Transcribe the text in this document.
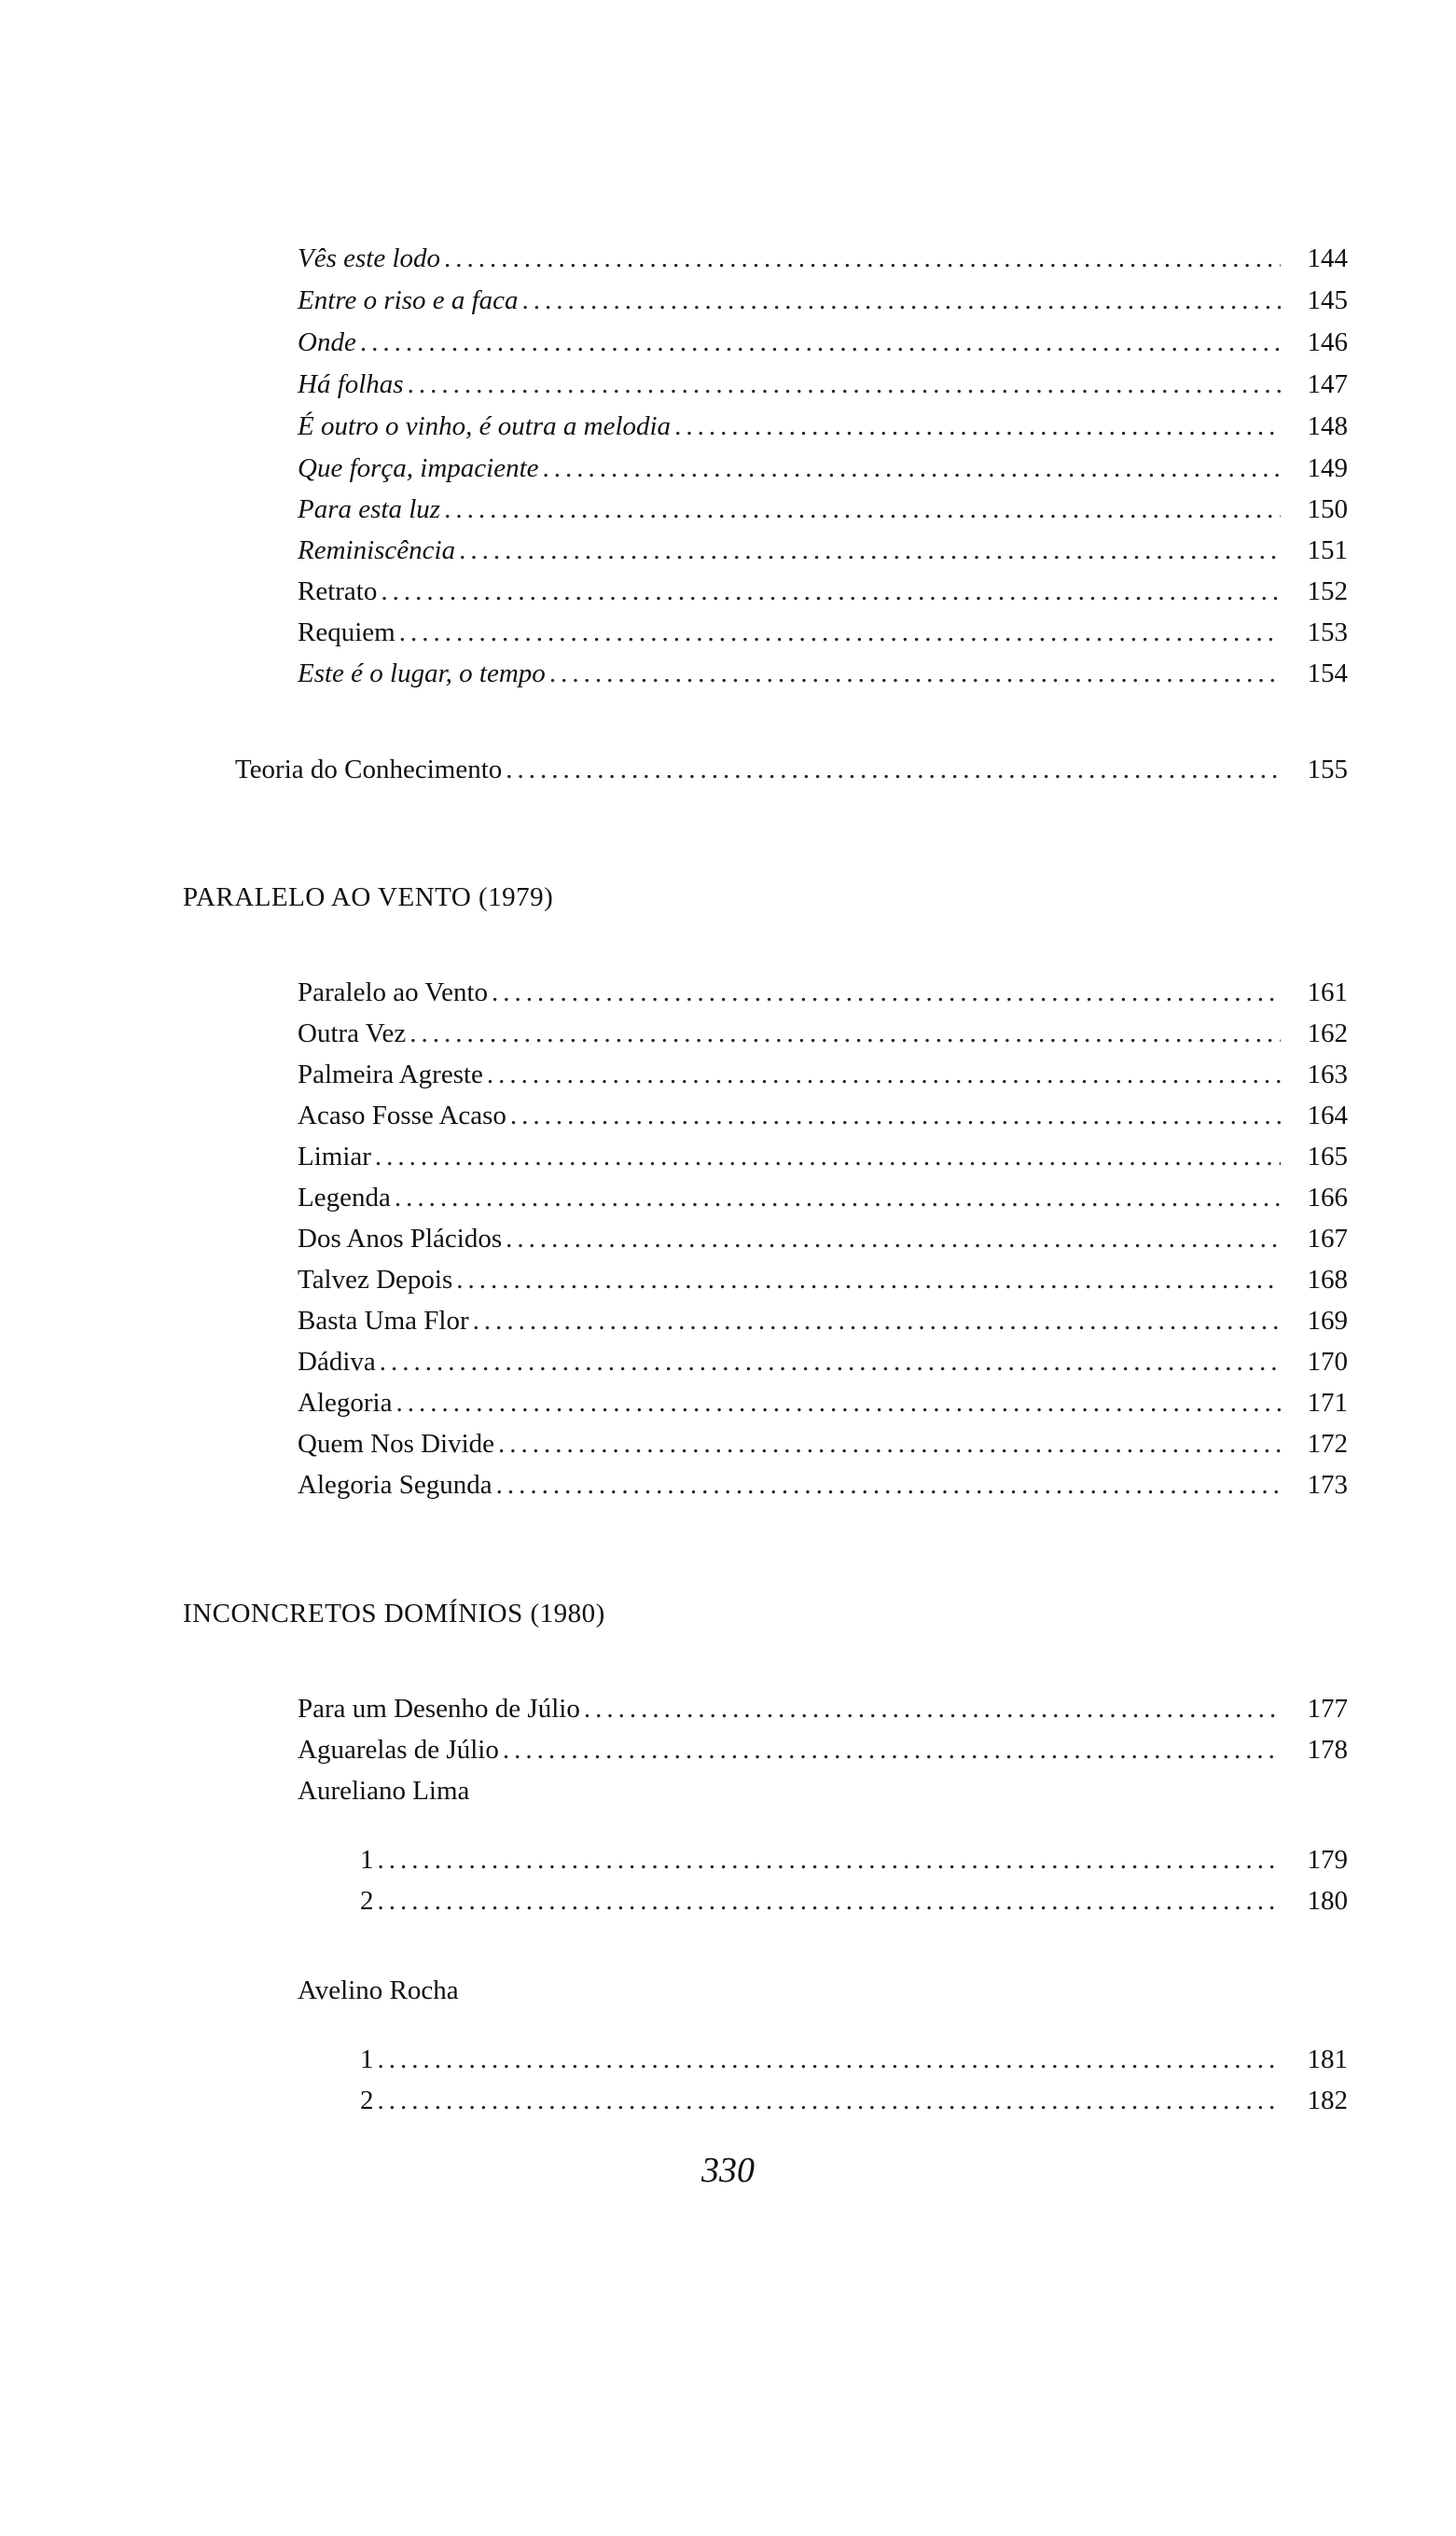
Vês este lodo .....	144
Entre o riso e a faca .....	145
Onde .....	146
Há folhas .....	147
É outro o vinho, é outra a melodia .....	148
Que força, impaciente .....	149
Para esta luz .....	150
Reminiscência .....	151
Retrato .....	152
Requiem .....	153
Este é o lugar, o tempo .....	154
Teoria do Conhecimento .....	155
PARALELO AO VENTO (1979)
Paralelo ao Vento .....	161
Outra Vez .....	162
Palmeira Agreste .....	163
Acaso Fosse Acaso .....	164
Limiar .....	165
Legenda .....	166
Dos Anos Plácidos .....	167
Talvez Depois .....	168
Basta Uma Flor .....	169
Dádiva .....	170
Alegoria .....	171
Quem Nos Divide .....	172
Alegoria Segunda .....	173
INCONCRETOS DOMÍNIOS (1980)
Para um Desenho de Júlio .....	177
Aguarelas de Júlio .....	178
Aureliano Lima
1 .....	179
2 .....	180
Avelino Rocha
1 .....	181
2 .....	182
330
